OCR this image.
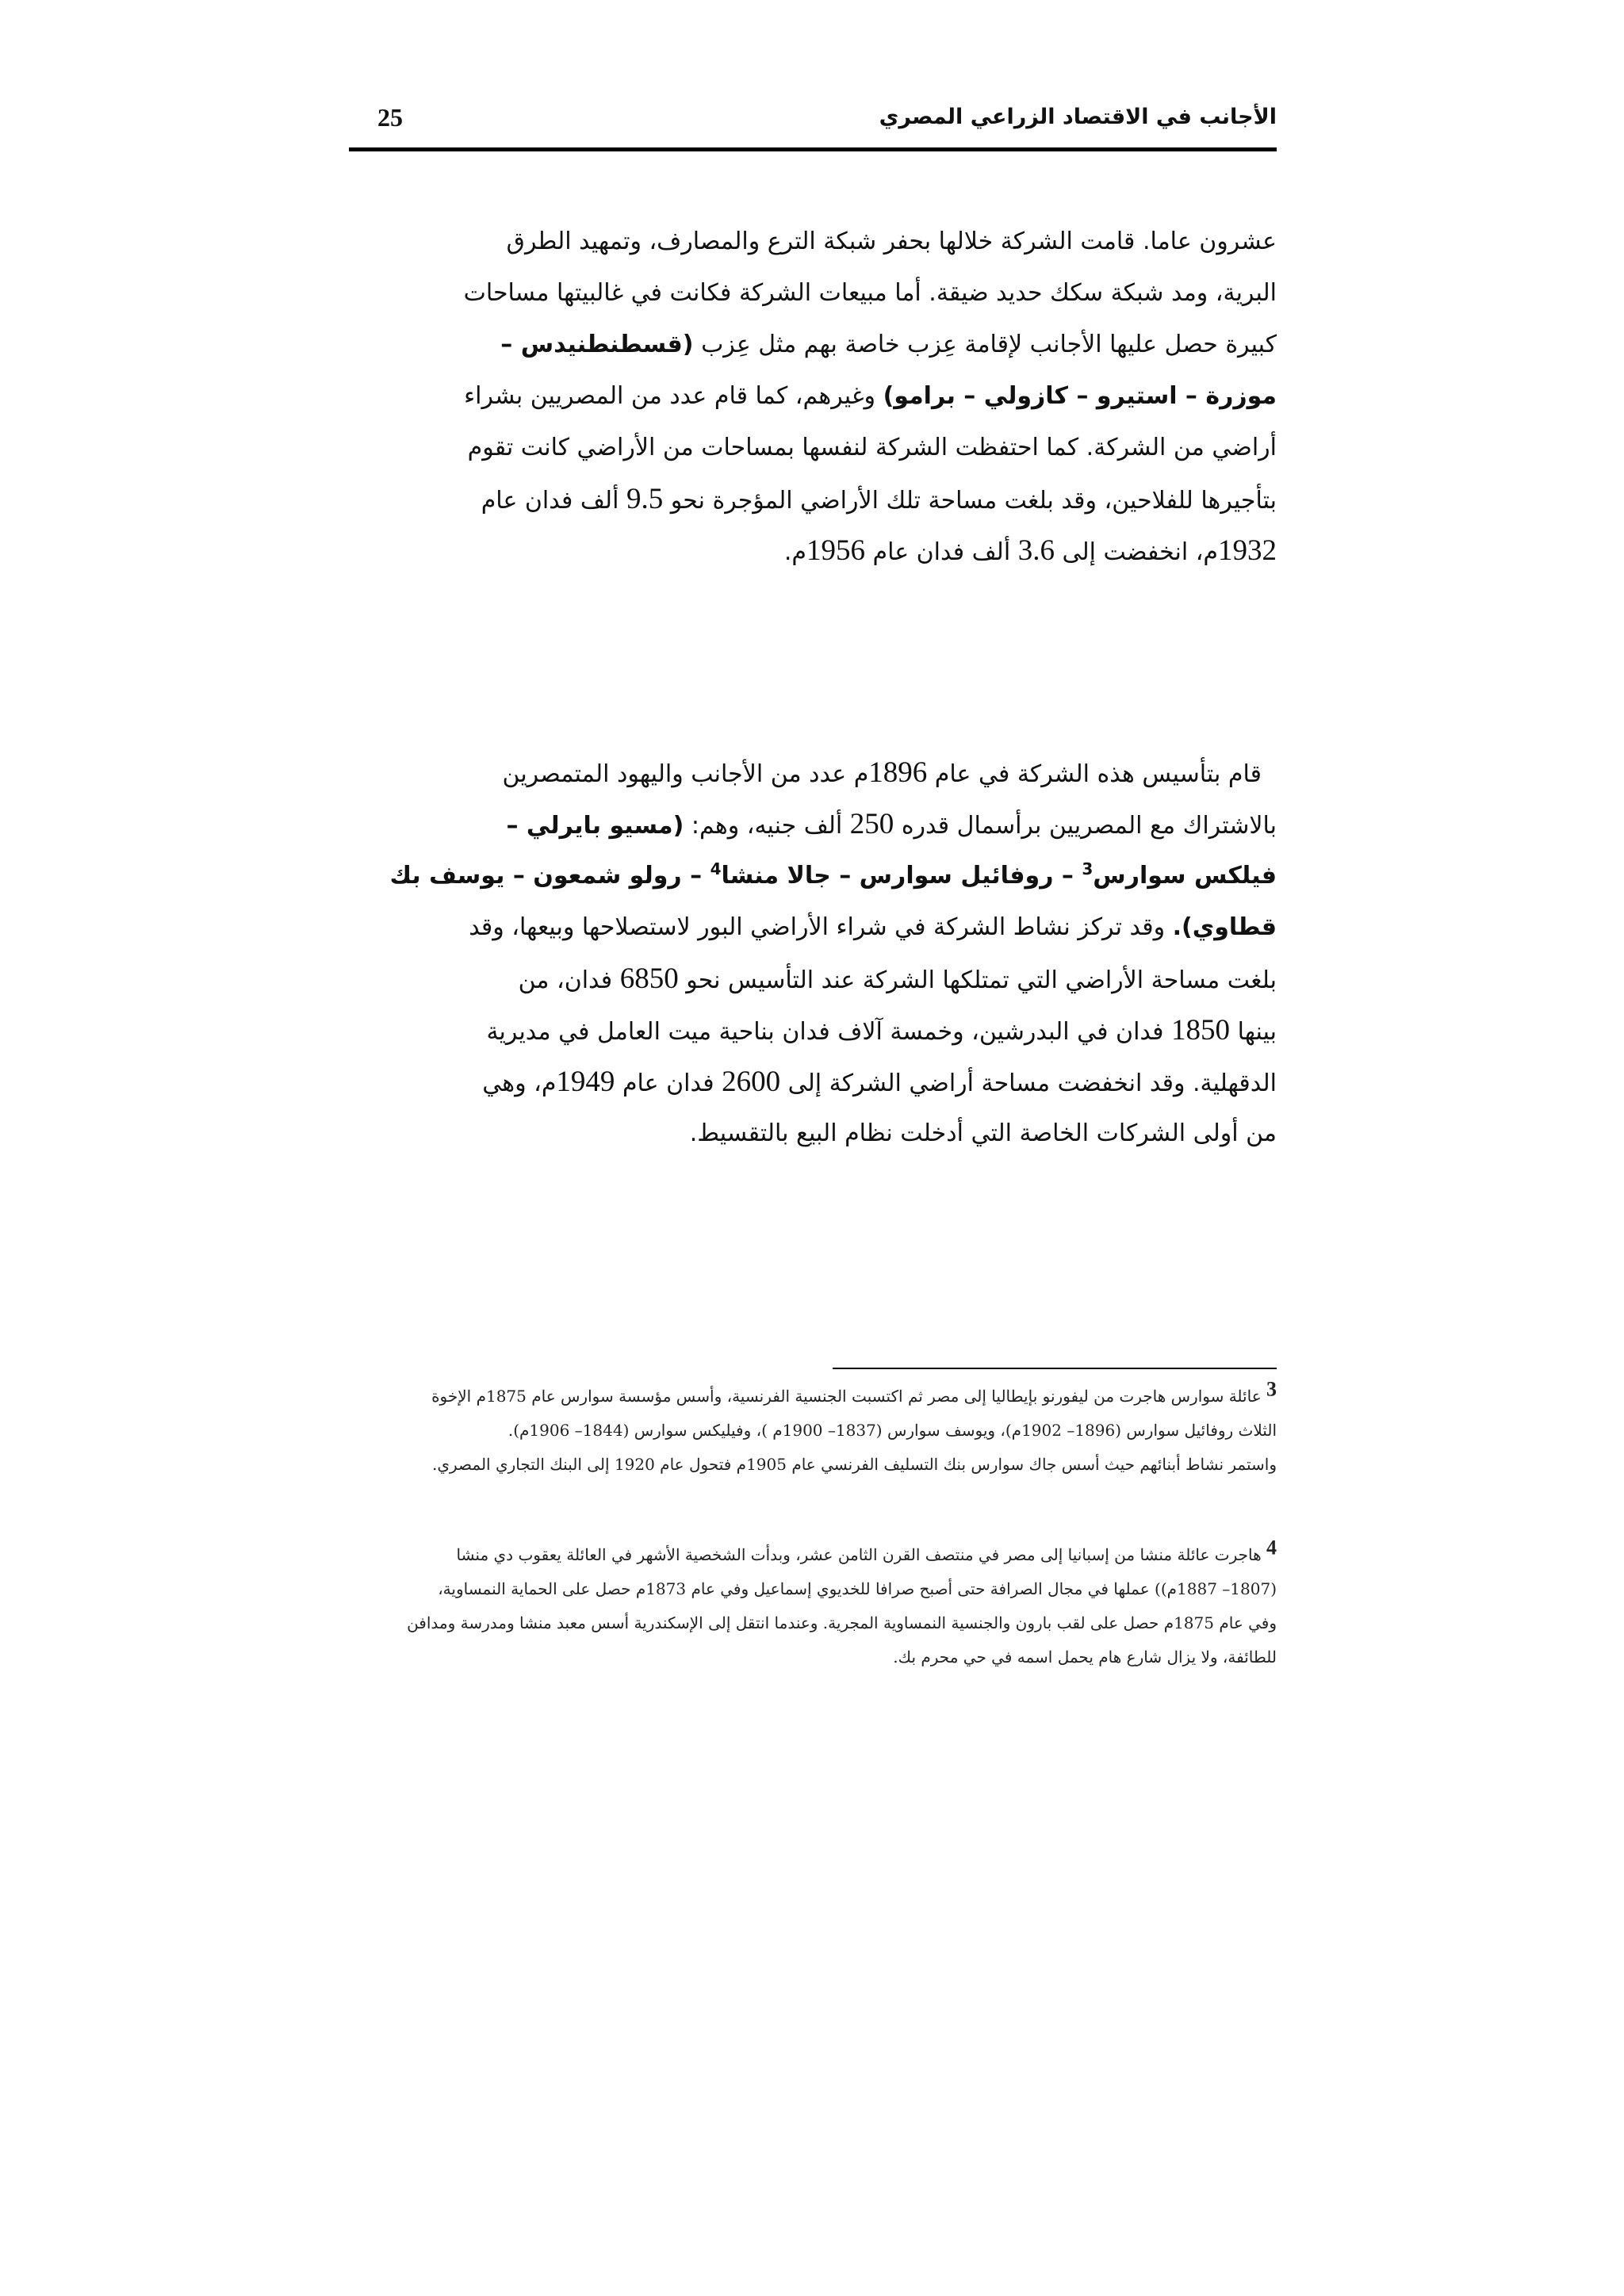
الأجانب في الاقتصاد الزراعي المصري
25
عشرون عاما. قامت الشركة خلالها بحفر شبكة الترع والمصارف، وتمهيد الطرق
البرية، ومد شبكة سكك حديد ضيقة. أما مبيعات الشركة فكانت في غالبيتها مساحات
كبيرة حصل عليها الأجانب لإقامة عِزب خاصة بهم مثل عِزب (قسطنطنيدس –
موزرة – استيرو – كازولي – برامو) وغيرهم، كما قام عدد من المصريين بشراء
أراضي من الشركة. كما احتفظت الشركة لنفسها بمساحات من الأراضي كانت تقوم
بتأجيرها للفلاحين، وقد بلغت مساحة تلك الأراضي المؤجرة نحو 9.5 ألف فدان عام
1932م، انخفضت إلى 3.6 ألف فدان عام 1956م.
قام بتأسيس هذه الشركة في عام 1896م عدد من الأجانب واليهود المتمصرين
بالاشتراك مع المصريين برأسمال قدره 250 ألف جنيه، وهم: (مسيو بايرلي –
فيلكس سوارس$^3$ – روفائيل سوارس – جالا منشا$^4$ – رولو شمعون – يوسف بك
قطاوي). وقد تركز نشاط الشركة في شراء الأراضي البور لاستصلاحها وبيعها، وقد
بلغت مساحة الأراضي التي تمتلكها الشركة عند التأسيس نحو 6850 فدان، من
بينها 1850 فدان في البدرشين، وخمسة آلاف فدان بناحية ميت العامل في مديرية
الدقهلية. وقد انخفضت مساحة أراضي الشركة إلى 2600 فدان عام 1949م، وهي
من أولى الشركات الخاصة التي أدخلت نظام البيع بالتقسيط.
$^3$ عائلة سوارس هاجرت من ليفورنو بإيطاليا إلى مصر ثم اكتسبت الجنسية الفرنسية، وأسس مؤسسة سوارس عام 1875م الإخوة
الثلاث روفائيل سوارس (1896– 1902م)، ويوسف سوارس (1837– 1900م )، وفيليكس سوارس (1844– 1906م).
واستمر نشاط أبنائهم حيث أسس جاك سوارس بنك التسليف الفرنسي عام 1905م فتحول عام 1920 إلى البنك التجاري المصري.
$^4$ هاجرت عائلة منشا من إسبانيا إلى مصر في منتصف القرن الثامن عشر، وبدأت الشخصية الأشهر في العائلة يعقوب دي منشا
(1807– 1887م)) عملها في مجال الصرافة حتى أصبح صرافا للخديوي إسماعيل وفي عام 1873م حصل على الحماية النمساوية،
وفي عام 1875م حصل على لقب بارون والجنسية النمساوية المجرية. وعندما انتقل إلى الإسكندرية أسس معبد منشا ومدرسة ومدافن
للطائفة، ولا يزال شارع هام يحمل اسمه في حي محرم بك.
